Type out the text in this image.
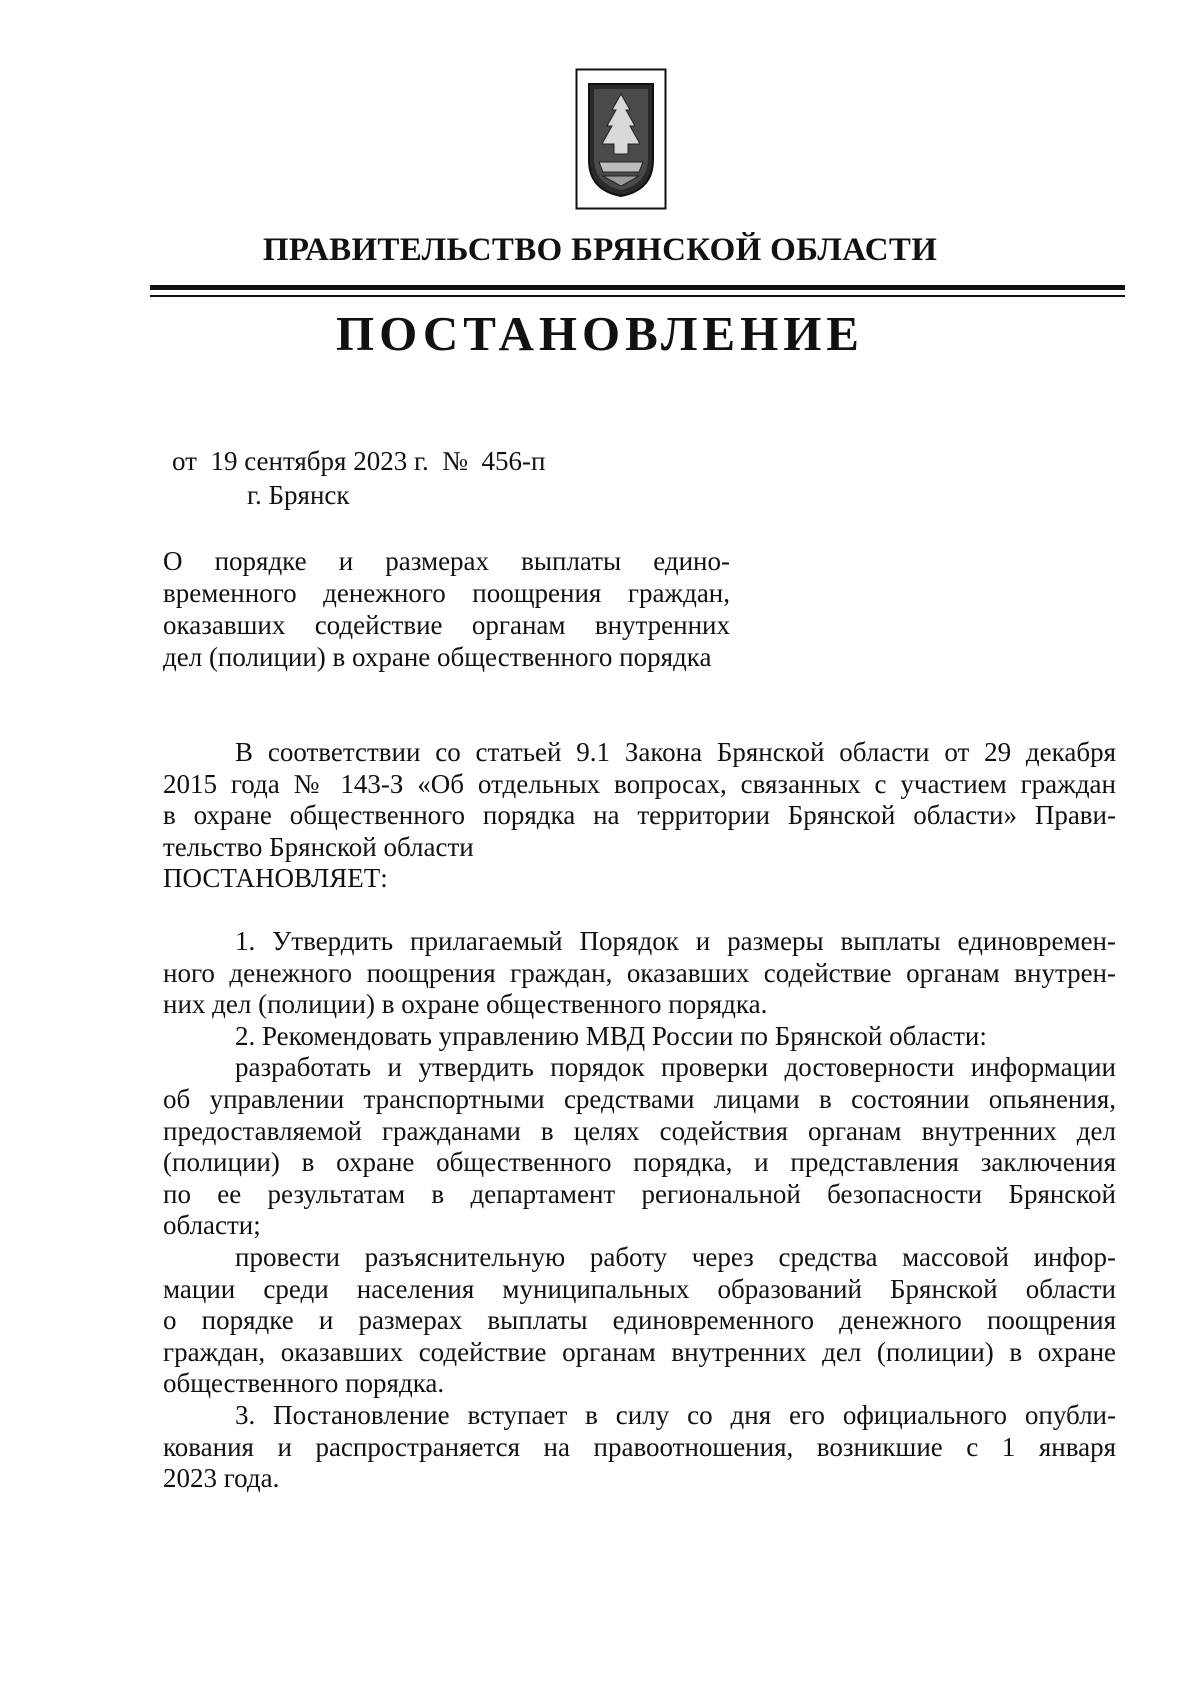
ПРАВИТЕЛЬСТВО БРЯНСКОЙ ОБЛАСТИ
ПОСТАНОВЛЕНИЕ
от  19 сентября 2023 г.  №  456-п
г. Брянск
О порядке и размерах выплаты едино-
временного денежного поощрения граждан,
оказавших содействие органам внутренних
дел (полиции) в охране общественного порядка
В соответствии со статьей 9.1 Закона Брянской области от 29 декабря
2015 года № 143-З «Об отдельных вопросах, связанных с участием граждан
в охране общественного порядка на территории Брянской области» Прави-
тельство Брянской области
ПОСТАНОВЛЯЕТ:
1. Утвердить прилагаемый Порядок и размеры выплаты единовремен-
ного денежного поощрения граждан, оказавших содействие органам внутрен-
них дел (полиции) в охране общественного порядка.
2. Рекомендовать управлению МВД России по Брянской области:
разработать и утвердить порядок проверки достоверности информации
об управлении транспортными средствами лицами в состоянии опьянения,
предоставляемой гражданами в целях содействия органам внутренних дел
(полиции) в охране общественного порядка, и представления заключения
по ее результатам в департамент региональной безопасности Брянской
области;
провести разъяснительную работу через средства массовой инфор-
мации среди населения муниципальных образований Брянской области
о порядке и размерах выплаты единовременного денежного поощрения
граждан, оказавших содействие органам внутренних дел (полиции) в охране
общественного порядка.
3. Постановление вступает в силу со дня его официального опубли-
кования и распространяется на правоотношения, возникшие с 1 января
2023 года.
